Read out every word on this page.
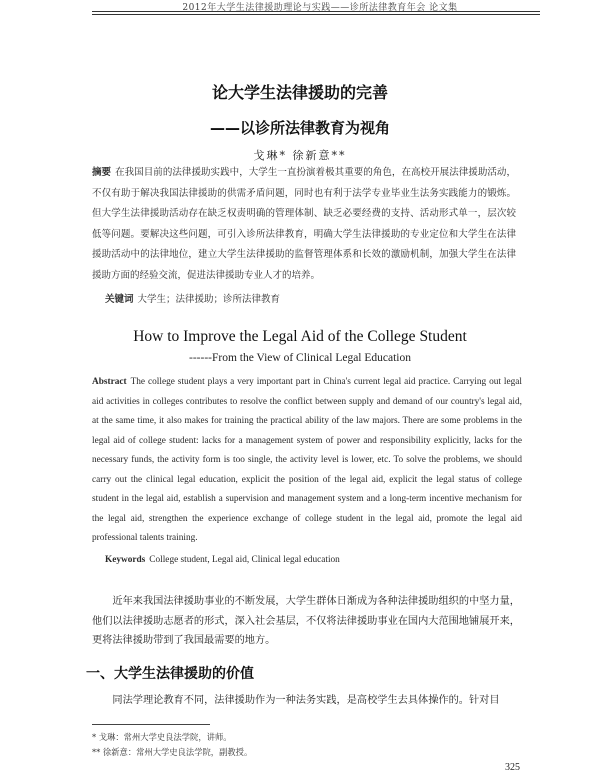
2012年大学生法律援助理论与实践——诊所法律教育年会 论文集
论大学生法律援助的完善
——以诊所法律教育为视角
戈琳* 徐新意**
摘要 在我国目前的法律援助实践中，大学生一直扮演着极其重要的角色，在高校开展法律援助活动，不仅有助于解决我国法律援助的供需矛盾问题，同时也有利于法学专业毕业生法务实践能力的锻炼。但大学生法律援助活动存在缺乏权责明确的管理体制、缺乏必要经费的支持、活动形式单一，层次较低等问题。要解决这些问题，可引入诊所法律教育，明确大学生法律援助的专业定位和大学生在法律援助活动中的法律地位，建立大学生法律援助的监督管理体系和长效的激励机制，加强大学生在法律援助方面的经验交流，促进法律援助专业人才的培养。
关键词 大学生；法律援助；诊所法律教育
How to Improve the Legal Aid of the College Student
------From the View of Clinical Legal Education
Abstract The college student plays a very important part in China's current legal aid practice. Carrying out legal aid activities in colleges contributes to resolve the conflict between supply and demand of our country's legal aid, at the same time, it also makes for training the practical ability of the law majors. There are some problems in the legal aid of college student: lacks for a management system of power and responsibility explicitly, lacks for the necessary funds, the activity form is too single, the activity level is lower, etc. To solve the problems, we should carry out the clinical legal education, explicit the position of the legal aid, explicit the legal status of college student in the legal aid, establish a supervision and management system and a long-term incentive mechanism for the legal aid, strengthen the experience exchange of college student in the legal aid, promote the legal aid professional talents training.
Keywords College student, Legal aid, Clinical legal education
近年来我国法律援助事业的不断发展，大学生群体日渐成为各种法律援助组织的中坚力量，他们以法律援助志愿者的形式，深入社会基层，不仅将法律援助事业在国内大范围地铺展开来，更将法律援助带到了我国最需要的地方。
一、大学生法律援助的价值
同法学理论教育不同，法律援助作为一种法务实践，是高校学生去具体操作的。针对目
* 戈琳：常州大学史良法学院，讲师。
** 徐新意：常州大学史良法学院，副教授。
325
